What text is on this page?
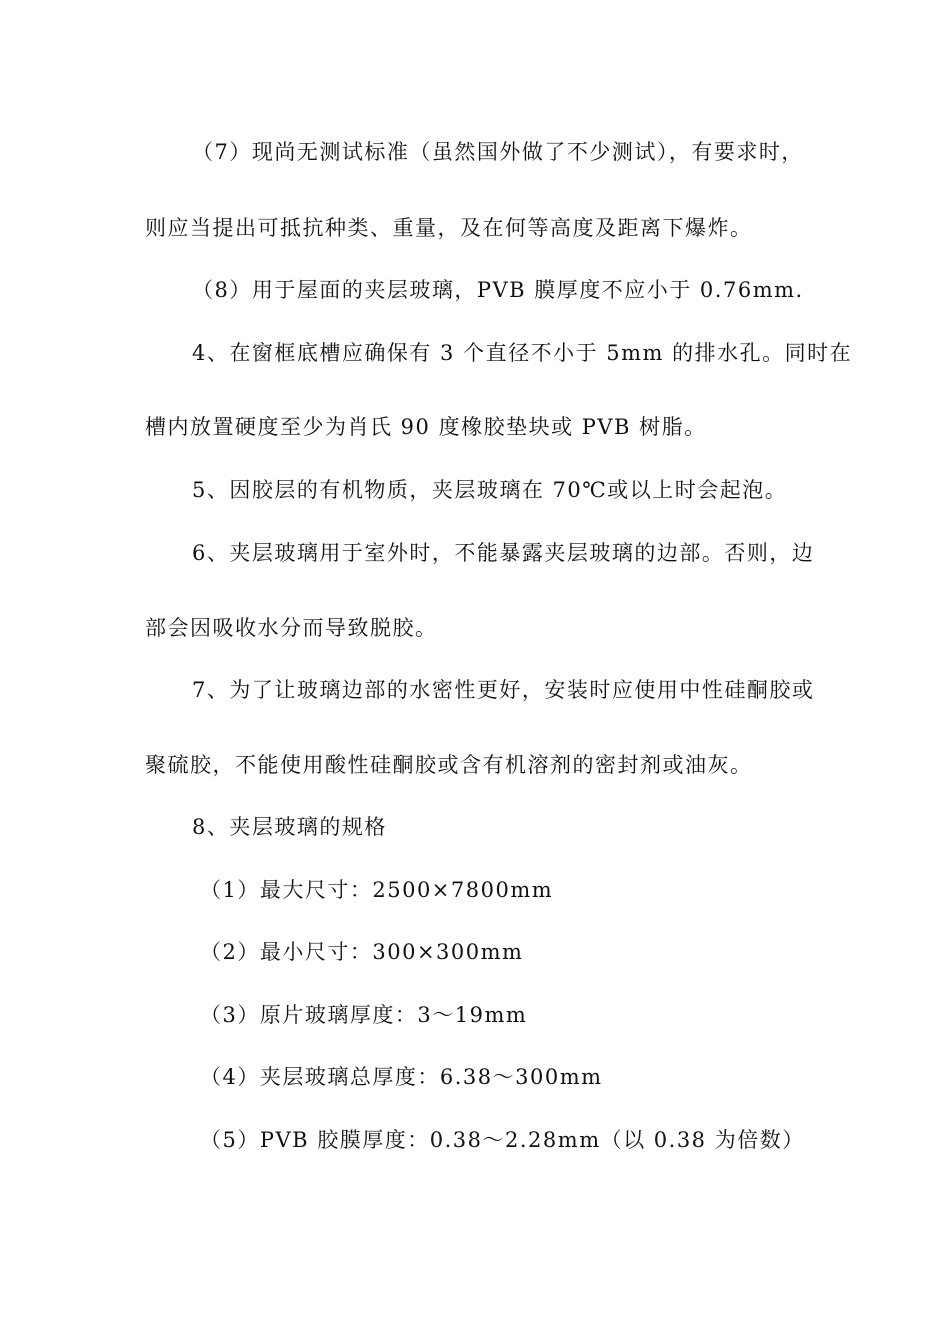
（7）现尚无测试标准（虽然国外做了不少测试），有要求时，
则应当提出可抵抗种类、重量，及在何等高度及距离下爆炸。
（8）用于屋面的夹层玻璃，PVB 膜厚度不应小于 0.76mm.
4、在窗框底槽应确保有 3 个直径不小于 5mm 的排水孔。同时在
槽内放置硬度至少为肖氏 90 度橡胶垫块或 PVB 树脂。
5、因胶层的有机物质，夹层玻璃在 70℃或以上时会起泡。
6、夹层玻璃用于室外时，不能暴露夹层玻璃的边部。否则，边
部会因吸收水分而导致脱胶。
7、为了让玻璃边部的水密性更好，安装时应使用中性硅酮胶或
聚硫胶，不能使用酸性硅酮胶或含有机溶剂的密封剂或油灰。
8、夹层玻璃的规格
（1）最大尺寸：2500×7800mm
（2）最小尺寸：300×300mm
（3）原片玻璃厚度：3～19mm
（4）夹层玻璃总厚度：6.38～300mm
（5）PVB 胶膜厚度：0.38～2.28mm（以 0.38 为倍数）
